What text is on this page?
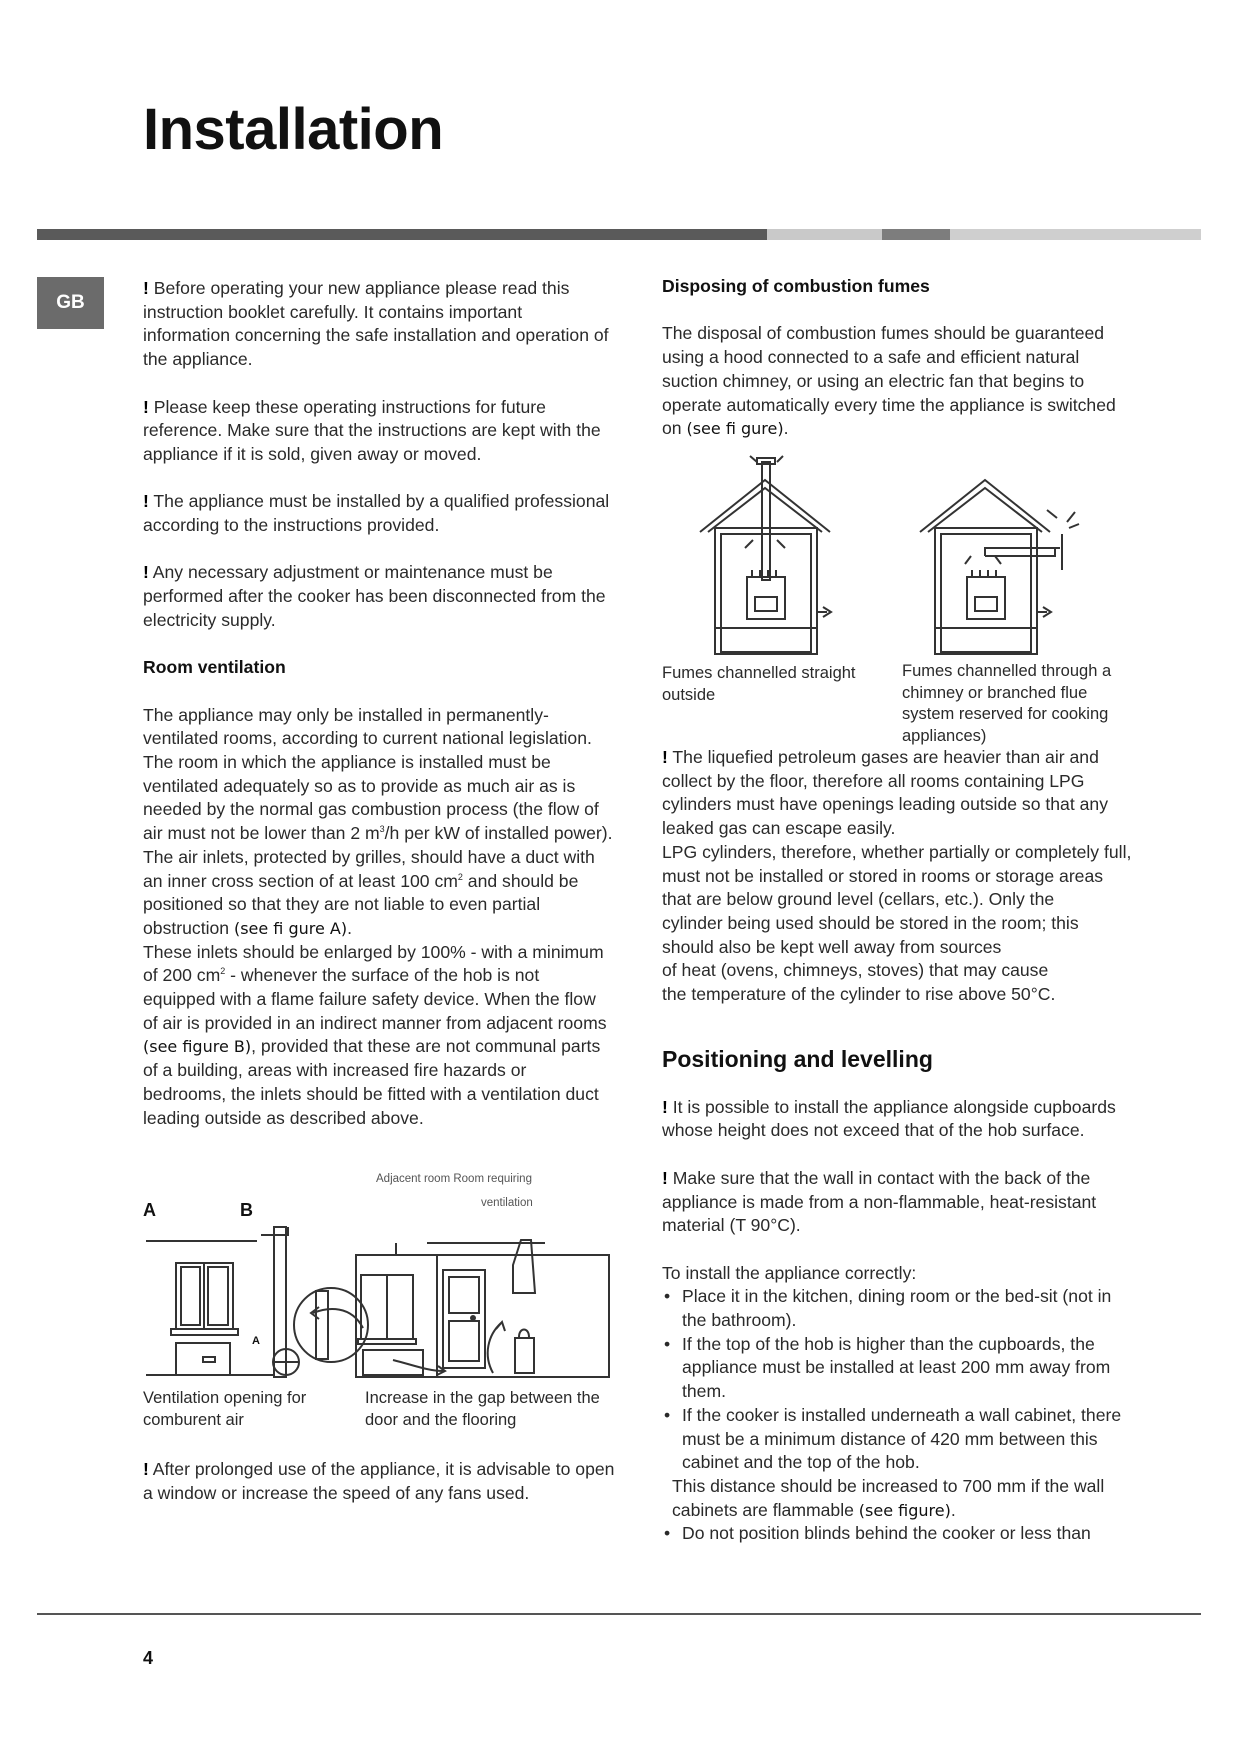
Installation
GB

! Before operating your new appliance please read this instruction booklet carefully. It contains important information concerning the safe installation and operation of the appliance.

! Please keep these operating instructions for future reference. Make sure that the instructions are kept with the appliance if it is sold, given away or moved.

! The appliance must be installed by a qualified professional according to the instructions provided.

! Any necessary adjustment or maintenance must be performed after the cooker has been disconnected from the electricity supply.

Room ventilation

The appliance may only be installed in permanently-ventilated rooms, according to current national legislation. The room in which the appliance is installed must be ventilated adequately so as to provide as much air as is needed by the normal gas combustion process (the flow of air must not be lower than 2 $m^3/h$ per kW of installed power).

The air inlets, protected by grilles, should have a duct with an inner cross section of at least 100 $cm^2$ and should be positioned so that they are not liable to even partial obstruction (see fi gure A).

These inlets should be enlarged by 100% - with a minimum of 200 $cm^2$ - whenever the surface of the hob is not equipped with a flame failure safety device. When the flow of air is provided in an indirect manner from adjacent rooms (see figure B), provided that these are not communal parts of a building, areas with increased fire hazards or bedrooms, the inlets should be fitted with a ventilation duct leading outside as described above.

Adjacent room Room requiring
ventilation
A	B
A
Ventilation opening for comburent air
Increase in the gap between the door and the flooring

! After prolonged use of the appliance, it is advisable to open a window or increase the speed of any fans used.

Disposing of combustion fumes

The disposal of combustion fumes should be guaranteed using a hood connected to a safe and efficient natural suction chimney, or using an electric fan that begins to operate automatically every time the appliance is switched on (see fi gure).

Fumes channelled straight outside
Fumes channelled through a chimney or branched flue system reserved for cooking appliances)

! The liquefied petroleum gases are heavier than air and collect by the floor, therefore all rooms containing LPG cylinders must have openings leading outside so that any leaked gas can escape easily.

LPG cylinders, therefore, whether partially or completely full, must not be installed or stored in rooms or storage areas that are below ground level (cellars, etc.). Only the

cylinder being used should be stored in the room; this should also be kept well away from sources

of heat (ovens, chimneys, stoves) that may cause

the temperature of the cylinder to rise above 50°C.

Positioning and levelling

! It is possible to install the appliance alongside cupboards whose height does not exceed that of the hob surface.

! Make sure that the wall in contact with the back of the appliance is made from a non-flammable, heat-resistant material (T 90°C).

To install the appliance correctly:

• Place it in the kitchen, dining room or the bed-sit (not in the bathroom).
• If the top of the hob is higher than the cupboards, the appliance must be installed at least 200 mm away from them.
• If the cooker is installed underneath a wall cabinet, there must be a minimum distance of 420 mm between this cabinet and the top of the hob.

This distance should be increased to 700 mm if the wall cabinets are flammable (see figure).

• Do not position blinds behind the cooker or less than
4
